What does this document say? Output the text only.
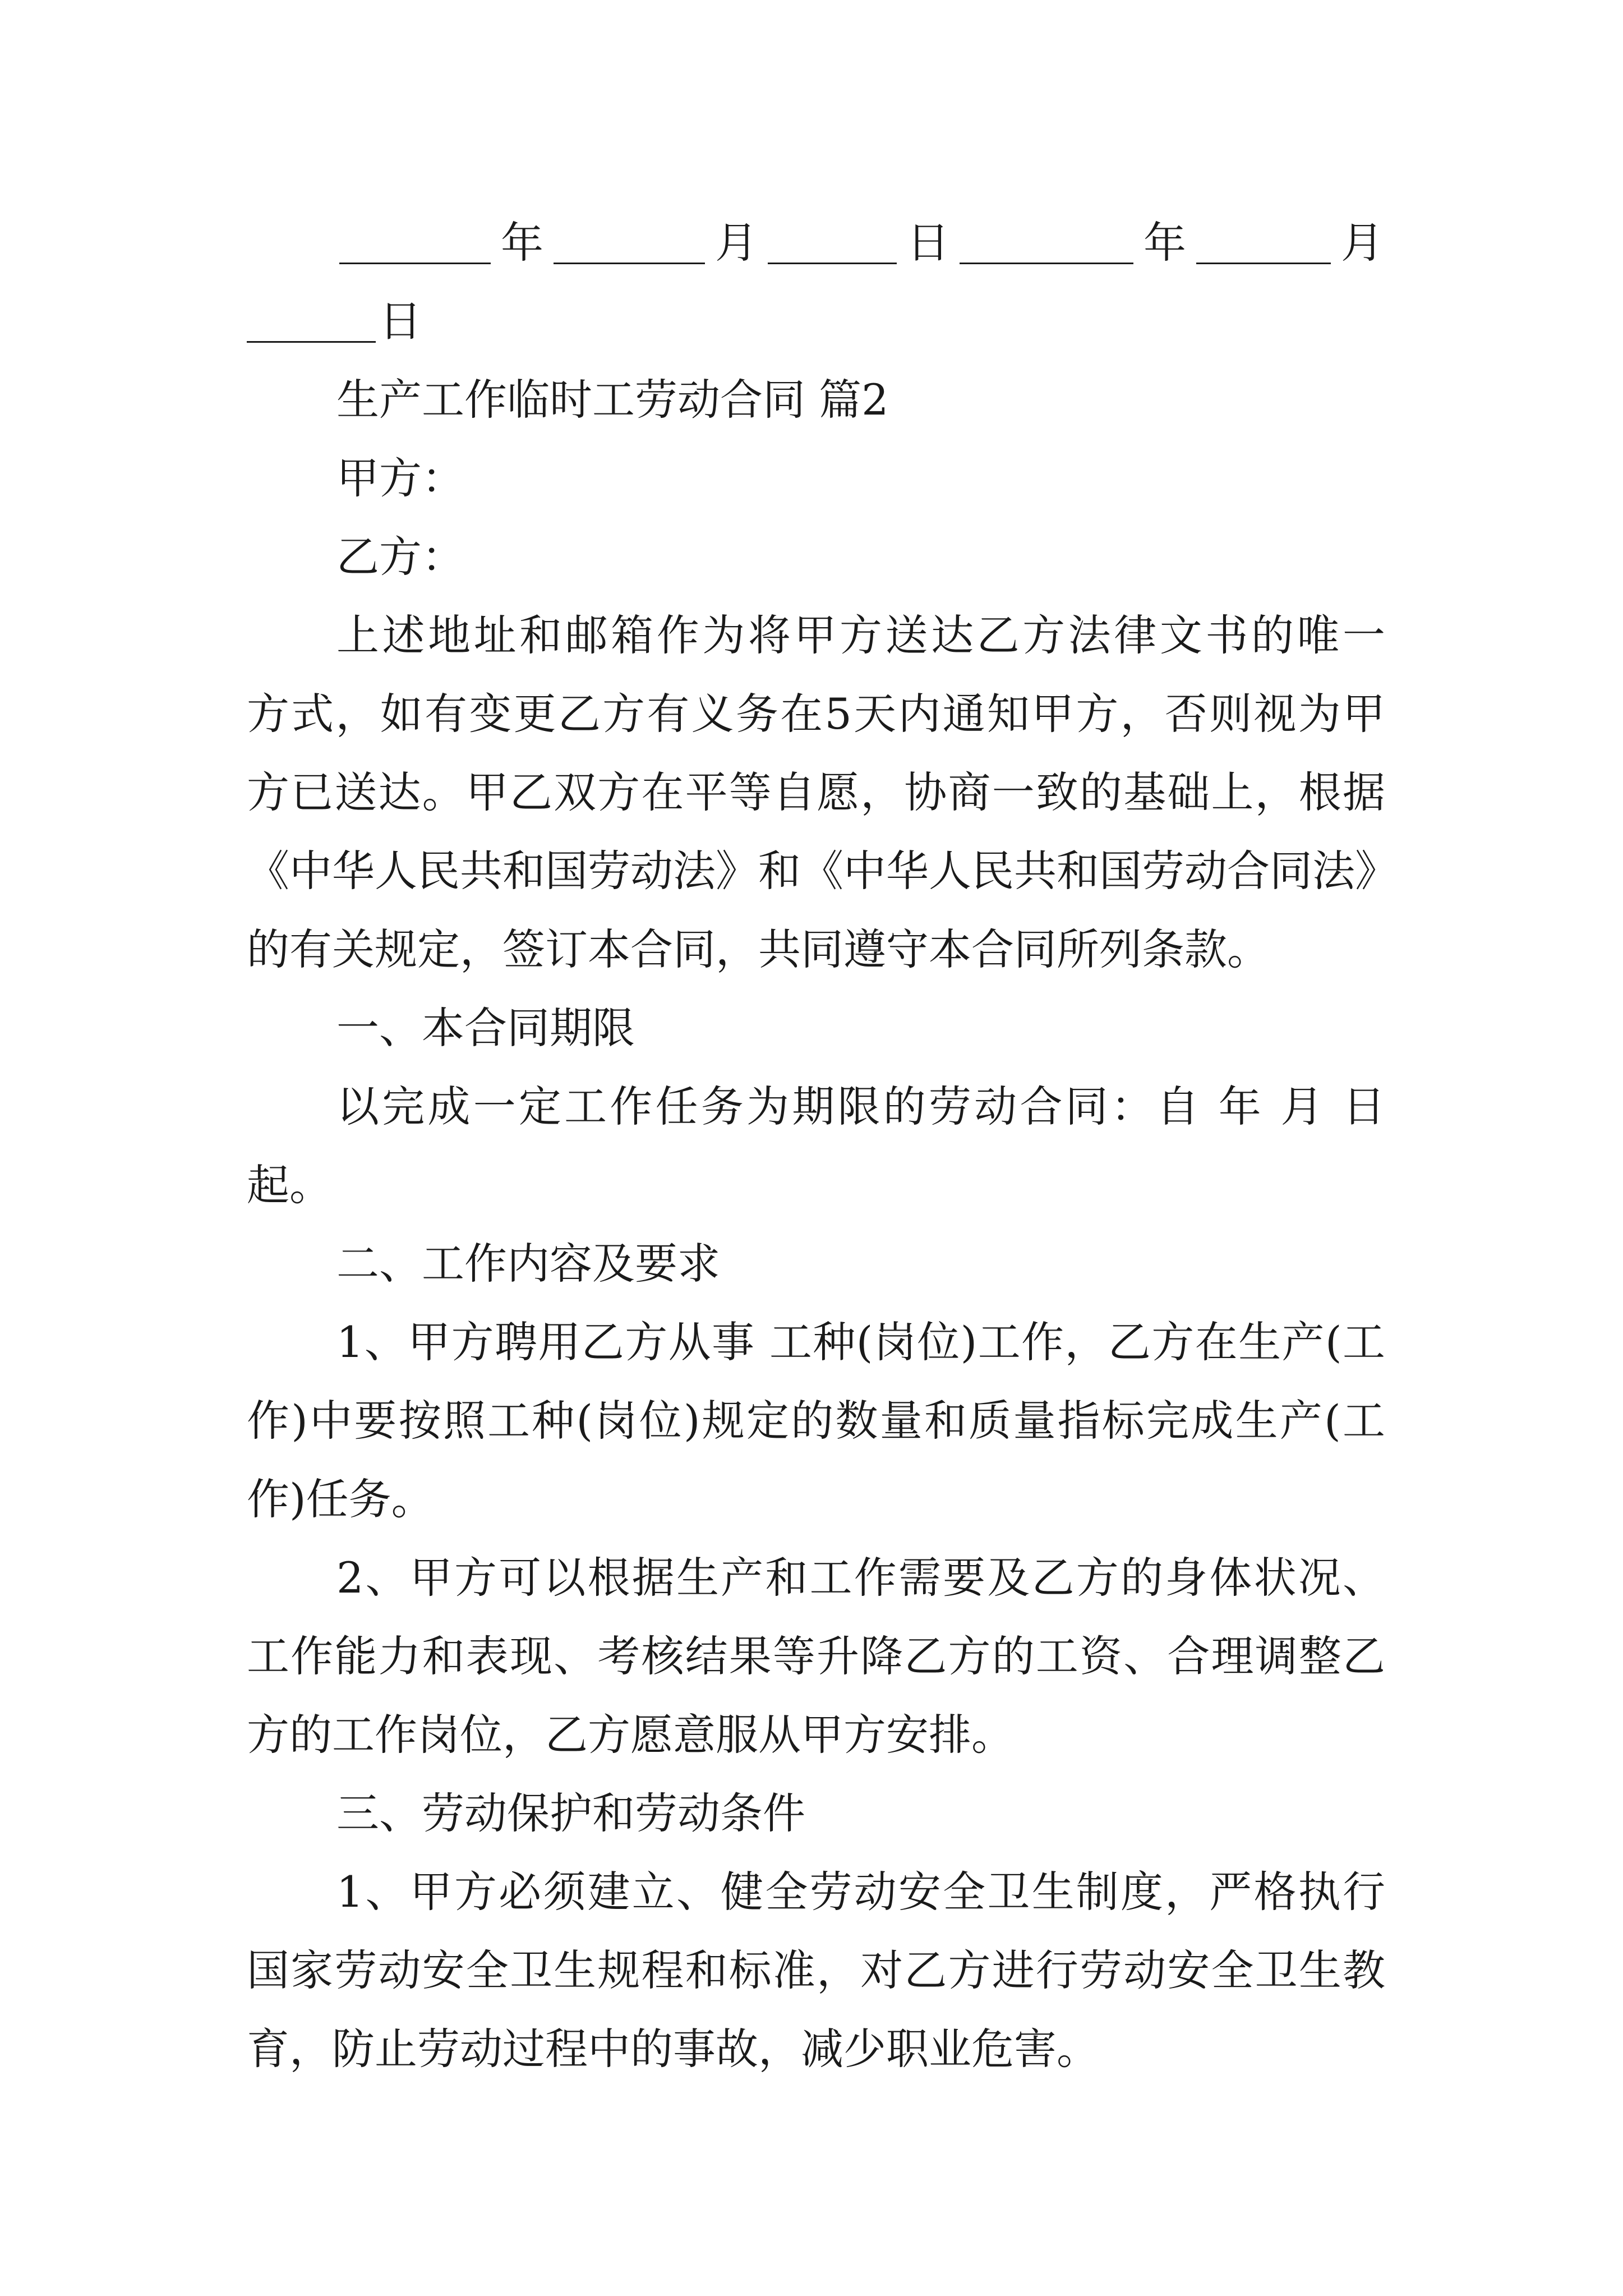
年	月	日	年	月
日
生产工作临时工劳动合同 篇2
甲方：
乙方：
上述地址和邮箱作为将甲方送达乙方法律文书的唯一
方式，如有变更乙方有义务在5天内通知甲方，否则视为甲
方已送达。甲乙双方在平等自愿，协商一致的基础上，根据
《中华人民共和国劳动法》和《中华人民共和国劳动合同法》
的有关规定，签订本合同，共同遵守本合同所列条款。
一、本合同期限
以完成一定工作任务为期限的劳动合同：自 年 月 日
起。
二、工作内容及要求
1、甲方聘用乙方从事 工种(岗位)工作，乙方在生产(工
作)中要按照工种(岗位)规定的数量和质量指标完成生产(工
作)任务。
2、甲方可以根据生产和工作需要及乙方的身体状况、
工作能力和表现、考核结果等升降乙方的工资、合理调整乙
方的工作岗位，乙方愿意服从甲方安排。
三、劳动保护和劳动条件
1、甲方必须建立、健全劳动安全卫生制度，严格执行
国家劳动安全卫生规程和标准，对乙方进行劳动安全卫生教
育，防止劳动过程中的事故，减少职业危害。
